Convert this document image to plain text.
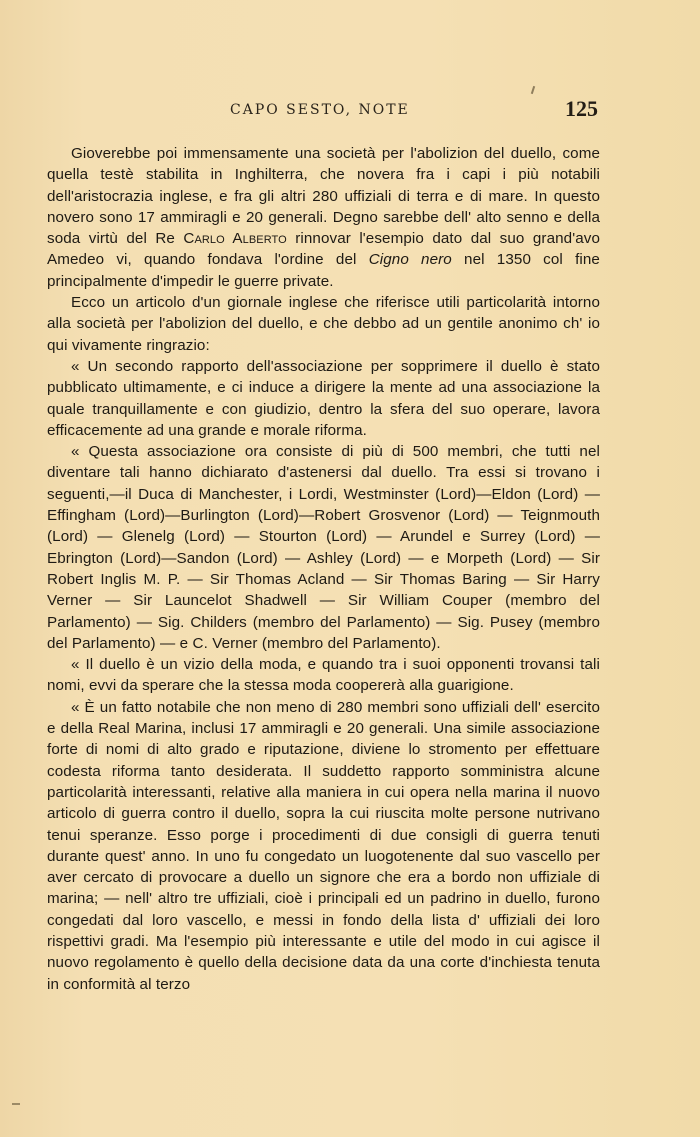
CAPO SESTO, NOTE	125

Gioverebbe poi immensamente una società per l'abolizion del duello, come quella testè stabilita in Inghilterra, che novera fra i capi i più notabili dell'aristocrazia inglese, e fra gli altri 280 uffiziali di terra e di mare. In questo novero sono 17 ammiragli e 20 generali. Degno sarebbe dell' alto senno e della soda virtù del Re Carlo Alberto rinnovar l'esempio dato dal suo grand'avo Amedeo vi, quando fondava l'ordine del Cigno nero nel 1350 col fine principalmente d'impedir le guerre private.

Ecco un articolo d'un giornale inglese che riferisce utili particolarità intorno alla società per l'abolizion del duello, e che debbo ad un gentile anonimo ch' io qui vivamente ringrazio:

« Un secondo rapporto dell'associazione per sopprimere il duello è stato pubblicato ultimamente, e ci induce a dirigere la mente ad una associazione la quale tranquillamente e con giudizio, dentro la sfera del suo operare, lavora efficacemente ad una grande e morale riforma.

« Questa associazione ora consiste di più di 500 membri, che tutti nel diventare tali hanno dichiarato d'astenersi dal duello. Tra essi si trovano i seguenti,—il Duca di Manchester, i Lordi, Westminster (Lord)—Eldon (Lord) — Effingham (Lord)—Burlington (Lord)—Robert Grosvenor (Lord) — Teignmouth (Lord) — Glenelg (Lord) — Stourton (Lord) — Arundel e Surrey (Lord) — Ebrington (Lord)—Sandon (Lord) — Ashley (Lord) — e Morpeth (Lord) — Sir Robert Inglis M. P. — Sir Thomas Acland — Sir Thomas Baring — Sir Harry Verner — Sir Launcelot Shadwell — Sir William Couper (membro del Parlamento) — Sig. Childers (membro del Parlamento) — Sig. Pusey (membro del Parlamento) — e C. Verner (membro del Parlamento).

« Il duello è un vizio della moda, e quando tra i suoi opponenti trovansi tali nomi, evvi da sperare che la stessa moda coopererà alla guarigione.

« È un fatto notabile che non meno di 280 membri sono uffiziali dell' esercito e della Real Marina, inclusi 17 ammiragli e 20 generali. Una simile associazione forte di nomi di alto grado e riputazione, diviene lo stromento per effettuare codesta riforma tanto desiderata. Il suddetto rapporto somministra alcune particolarità interessanti, relative alla maniera in cui opera nella marina il nuovo articolo di guerra contro il duello, sopra la cui riuscita molte persone nutrivano tenui speranze. Esso porge i procedimenti di due consigli di guerra tenuti durante quest' anno. In uno fu congedato un luogotenente dal suo vascello per aver cercato di provocare a duello un signore che era a bordo non uffiziale di marina; — nell' altro tre uffiziali, cioè i principali ed un padrino in duello, furono congedati dal loro vascello, e messi in fondo della lista d' uffiziali dei loro rispettivi gradi. Ma l'esempio più interessante e utile del modo in cui agisce il nuovo regolamento è quello della decisione data da una corte d'inchiesta tenuta in conformità al terzo
